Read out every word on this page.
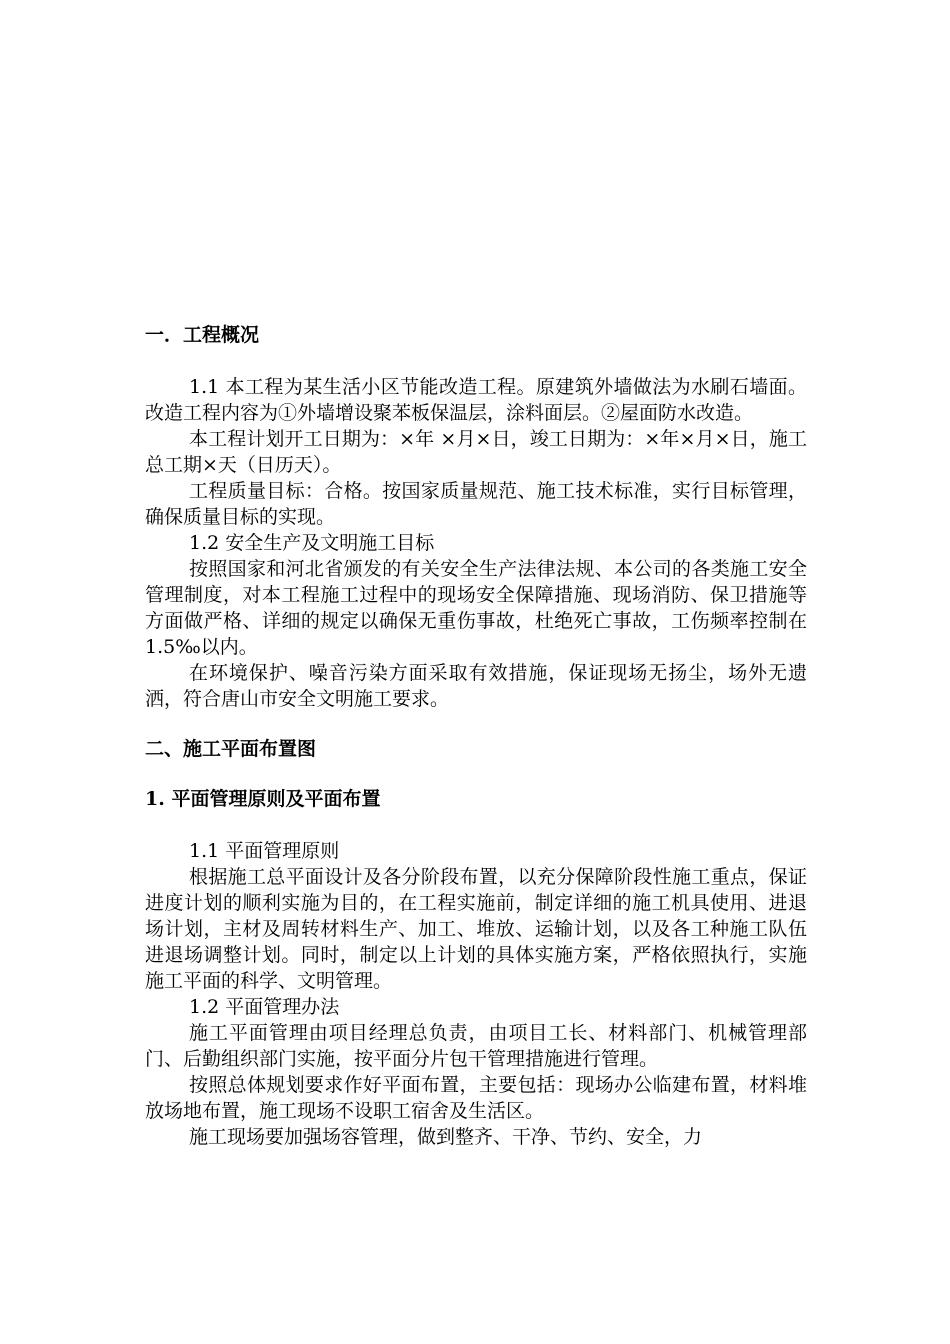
一．工程概况

1.1 本工程为某生活小区节能改造工程。原建筑外墙做法为水刷石墙面。改造工程内容为①外墙增设聚苯板保温层，涂料面层。②屋面防水改造。

本工程计划开工日期为：×年 ×月×日，竣工日期为：×年×月×日，施工总工期×天（日历天）。

工程质量目标：合格。按国家质量规范、施工技术标准，实行目标管理，确保质量目标的实现。

1.2 安全生产及文明施工目标

按照国家和河北省颁发的有关安全生产法律法规、本公司的各类施工安全管理制度，对本工程施工过程中的现场安全保障措施、现场消防、保卫措施等方面做严格、详细的规定以确保无重伤事故，杜绝死亡事故，工伤频率控制在 1.5‰以内。

在环境保护、噪音污染方面采取有效措施，保证现场无扬尘，场外无遗洒，符合唐山市安全文明施工要求。

二、施工平面布置图
1. 平面管理原则及平面布置

1.1 平面管理原则

根据施工总平面设计及各分阶段布置，以充分保障阶段性施工重点，保证进度计划的顺利实施为目的，在工程实施前，制定详细的施工机具使用、进退场计划，主材及周转材料生产、加工、堆放、运输计划，以及各工种施工队伍进退场调整计划。同时，制定以上计划的具体实施方案，严格依照执行，实施施工平面的科学、文明管理。

1.2 平面管理办法

施工平面管理由项目经理总负责，由项目工长、材料部门、机械管理部门、后勤组织部门实施，按平面分片包干管理措施进行管理。

按照总体规划要求作好平面布置，主要包括：现场办公临建布置，材料堆放场地布置，施工现场不设职工宿舍及生活区。

施工现场要加强场容管理，做到整齐、干净、节约、安全，力
